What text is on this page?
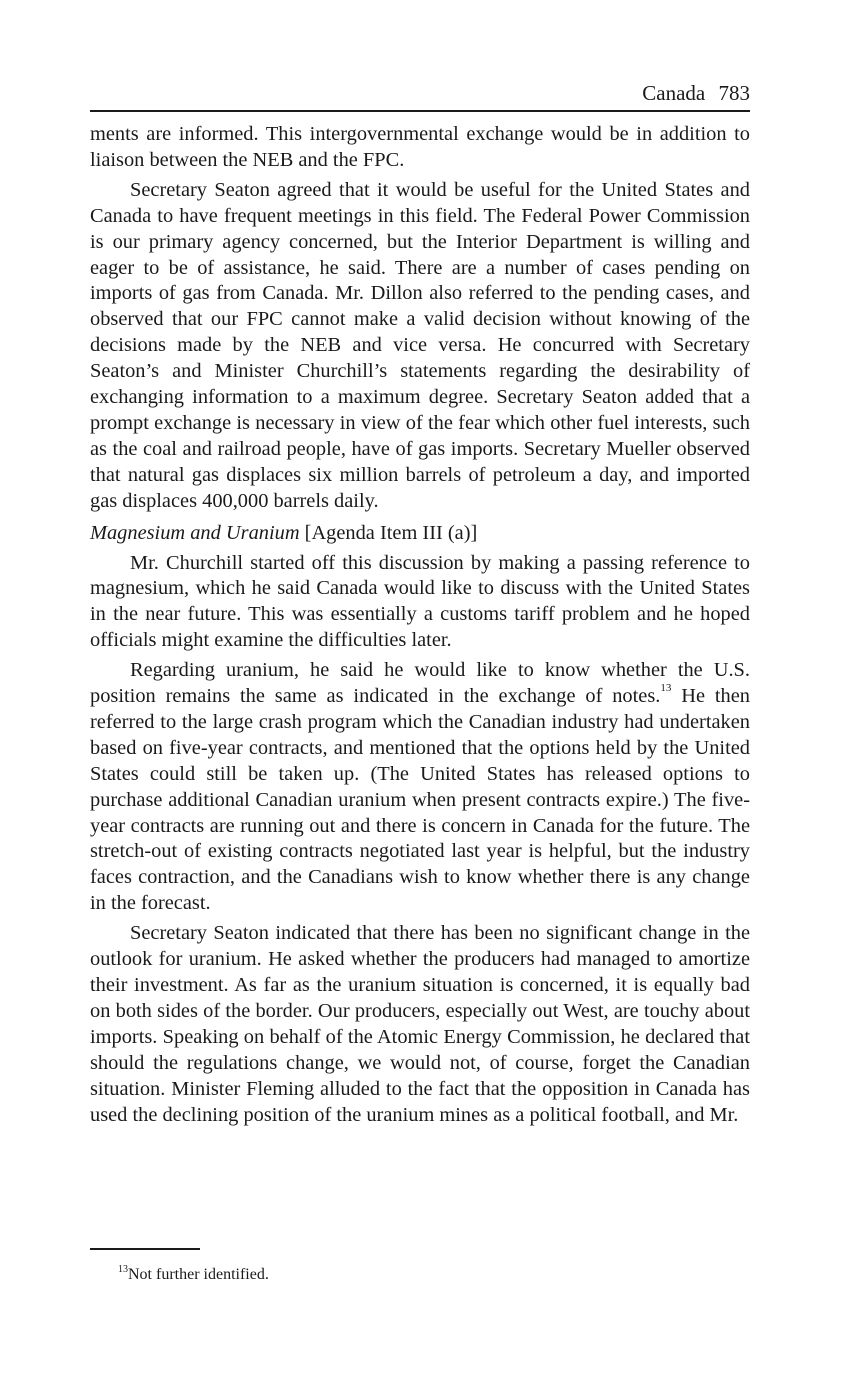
Canada 783

ments are informed. This intergovernmental exchange would be in addition to liaison between the NEB and the FPC.

Secretary Seaton agreed that it would be useful for the United States and Canada to have frequent meetings in this field. The Federal Power Commission is our primary agency concerned, but the Interior Department is willing and eager to be of assistance, he said. There are a number of cases pending on imports of gas from Canada. Mr. Dillon also referred to the pending cases, and observed that our FPC cannot make a valid decision without knowing of the decisions made by the NEB and vice versa. He concurred with Secretary Seaton’s and Minister Churchill’s statements regarding the desirability of exchanging information to a maximum degree. Secretary Seaton added that a prompt exchange is necessary in view of the fear which other fuel interests, such as the coal and railroad people, have of gas imports. Secretary Mueller observed that natural gas displaces six million barrels of petroleum a day, and imported gas displaces 400,000 barrels daily.

Magnesium and Uranium [Agenda Item III (a)]

Mr. Churchill started off this discussion by making a passing reference to magnesium, which he said Canada would like to discuss with the United States in the near future. This was essentially a customs tariff problem and he hoped officials might examine the difficulties later.

Regarding uranium, he said he would like to know whether the U.S. position remains the same as indicated in the exchange of notes.$^{13}$ He then referred to the large crash program which the Canadian industry had undertaken based on five-year contracts, and mentioned that the options held by the United States could still be taken up. (The United States has released options to purchase additional Canadian uranium when present contracts expire.) The five-year contracts are running out and there is concern in Canada for the future. The stretch-out of existing contracts negotiated last year is helpful, but the industry faces contraction, and the Canadians wish to know whether there is any change in the forecast.

Secretary Seaton indicated that there has been no significant change in the outlook for uranium. He asked whether the producers had managed to amortize their investment. As far as the uranium situation is concerned, it is equally bad on both sides of the border. Our producers, especially out West, are touchy about imports. Speaking on behalf of the Atomic Energy Commission, he declared that should the regulations change, we would not, of course, forget the Canadian situation. Minister Fleming alluded to the fact that the opposition in Canada has used the declining position of the uranium mines as a political football, and Mr.

$^{13}$Not further identified.
